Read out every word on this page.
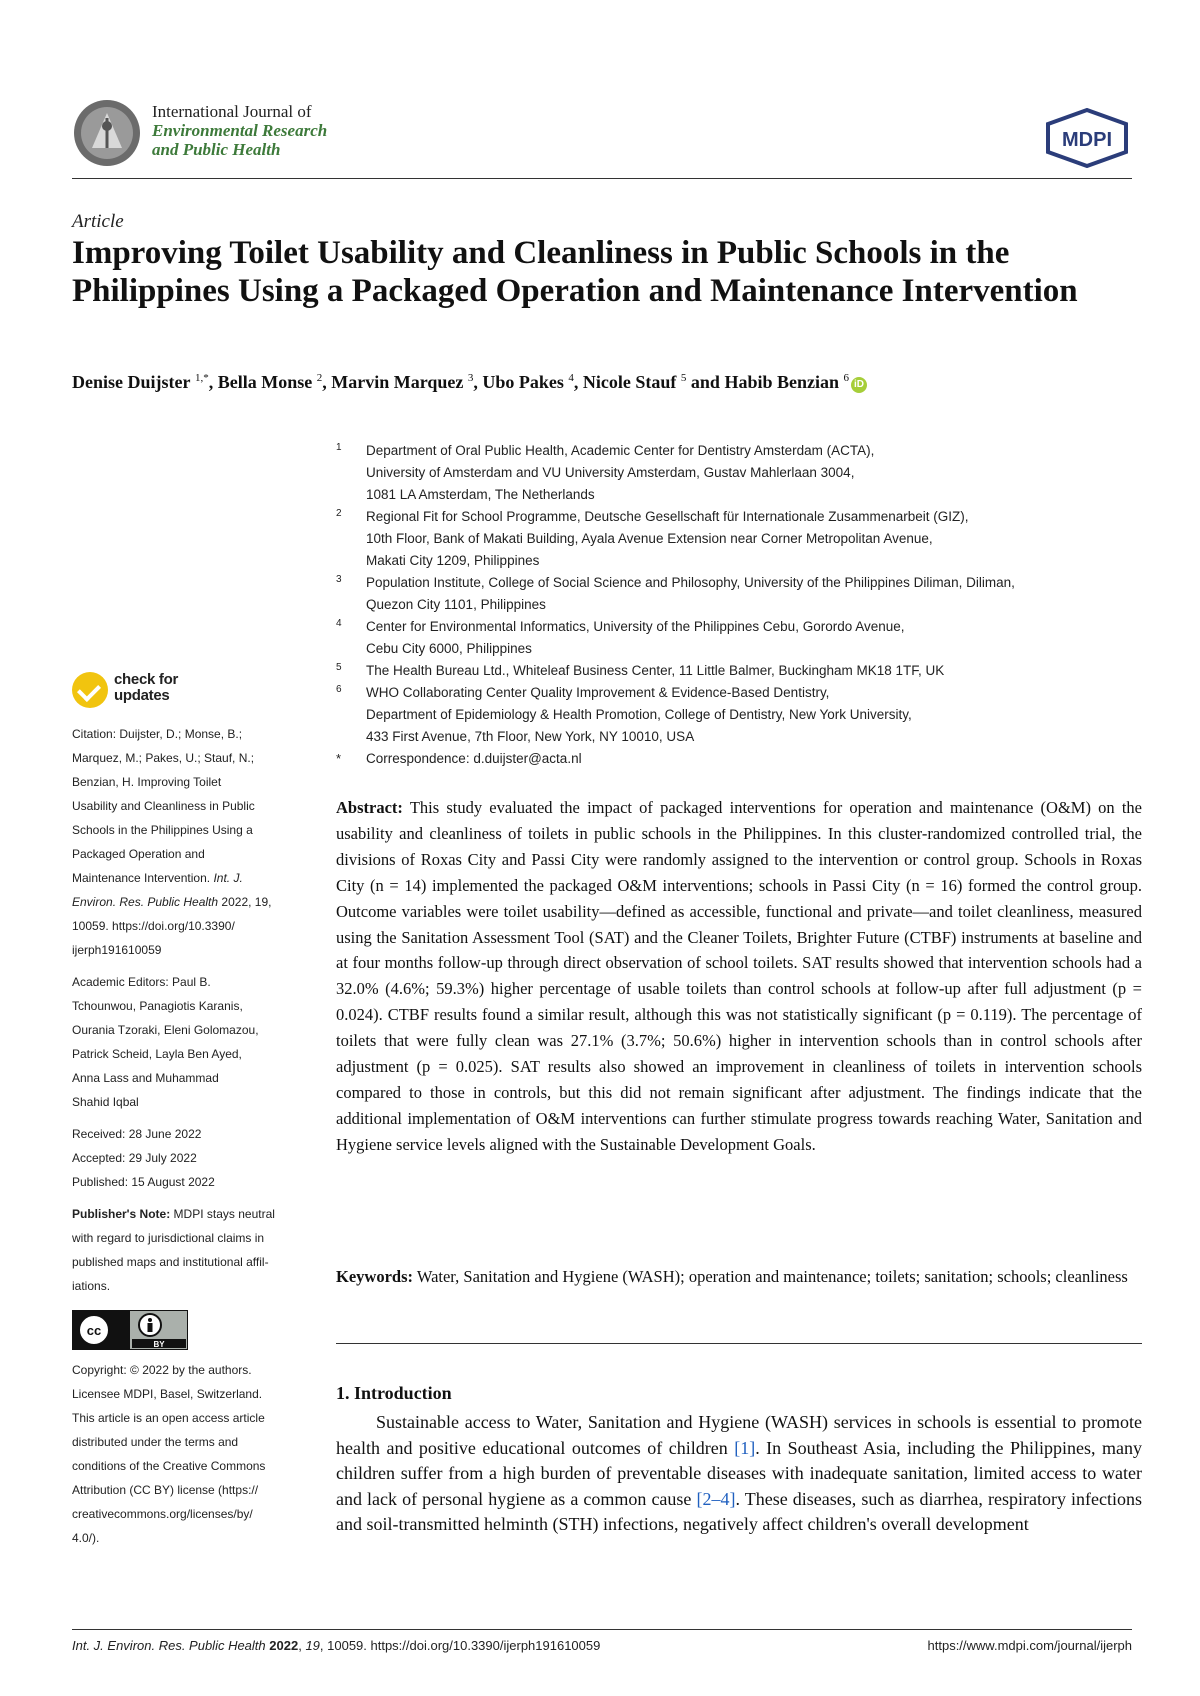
International Journal of
Environmental Research
and Public Health	MDPI
Article
Improving Toilet Usability and Cleanliness in Public Schools in the Philippines Using a Packaged Operation and Maintenance Intervention
Denise Duijster $^{1,*}$, Bella Monse $^2$, Marvin Marquez $^3$, Ubo Pakes $^4$, Nicole Stauf $^5$ and Habib Benzian $^6$iD
1 Department of Oral Public Health, Academic Center for Dentistry Amsterdam (ACTA),
University of Amsterdam and VU University Amsterdam, Gustav Mahlerlaan 3004,
1081 LA Amsterdam, The Netherlands
2 Regional Fit for School Programme, Deutsche Gesellschaft für Internationale Zusammenarbeit (GIZ),
10th Floor, Bank of Makati Building, Ayala Avenue Extension near Corner Metropolitan Avenue,
Makati City 1209, Philippines
3 Population Institute, College of Social Science and Philosophy, University of the Philippines Diliman, Diliman,
Quezon City 1101, Philippines
4 Center for Environmental Informatics, University of the Philippines Cebu, Gorordo Avenue,
Cebu City 6000, Philippines
5 The Health Bureau Ltd., Whiteleaf Business Center, 11 Little Balmer, Buckingham MK18 1TF, UK
6 WHO Collaborating Center Quality Improvement & Evidence-Based Dentistry,
Department of Epidemiology & Health Promotion, College of Dentistry, New York University,
433 First Avenue, 7th Floor, New York, NY 10010, USA
* Correspondence: d.duijster@acta.nl
check for
updates

Citation: Duijster, D.; Monse, B.;

Marquez, M.; Pakes, U.; Stauf, N.;

Benzian, H. Improving Toilet

Usability and Cleanliness in Public

Schools in the Philippines Using a

Packaged Operation and

Maintenance Intervention. Int. J.

Environ. Res. Public Health 2022, 19,

10059. https://doi.org/10.3390/

ijerph191610059

Academic Editors: Paul B.

Tchounwou, Panagiotis Karanis,

Ourania Tzoraki, Eleni Golomazou,

Patrick Scheid, Layla Ben Ayed,

Anna Lass and Muhammad

Shahid Iqbal

Received: 28 June 2022

Accepted: 29 July 2022

Published: 15 August 2022

Publisher's Note: MDPI stays neutral

with regard to jurisdictional claims in

published maps and institutional affil-

iations.

cc
BY

Copyright: © 2022 by the authors.

Licensee MDPI, Basel, Switzerland.

This article is an open access article

distributed under the terms and

conditions of the Creative Commons

Attribution (CC BY) license (https://

creativecommons.org/licenses/by/

4.0/).

Abstract: This study evaluated the impact of packaged interventions for operation and maintenance (O&M) on the usability and cleanliness of toilets in public schools in the Philippines. In this cluster-randomized controlled trial, the divisions of Roxas City and Passi City were randomly assigned to the intervention or control group. Schools in Roxas City (n = 14) implemented the packaged O&M interventions; schools in Passi City (n = 16) formed the control group. Outcome variables were toilet usability—defined as accessible, functional and private—and toilet cleanliness, measured using the Sanitation Assessment Tool (SAT) and the Cleaner Toilets, Brighter Future (CTBF) instruments at baseline and at four months follow-up through direct observation of school toilets. SAT results showed that intervention schools had a 32.0% (4.6%; 59.3%) higher percentage of usable toilets than control schools at follow-up after full adjustment (p = 0.024). CTBF results found a similar result, although this was not statistically significant (p = 0.119). The percentage of toilets that were fully clean was 27.1% (3.7%; 50.6%) higher in intervention schools than in control schools after adjustment (p = 0.025). SAT results also showed an improvement in cleanliness of toilets in intervention schools compared to those in controls, but this did not remain significant after adjustment. The findings indicate that the additional implementation of O&M interventions can further stimulate progress towards reaching Water, Sanitation and Hygiene service levels aligned with the Sustainable Development Goals.
Keywords: Water, Sanitation and Hygiene (WASH); operation and maintenance; toilets; sanitation; schools; cleanliness
1. Introduction
Sustainable access to Water, Sanitation and Hygiene (WASH) services in schools is essential to promote health and positive educational outcomes of children [1]. In Southeast Asia, including the Philippines, many children suffer from a high burden of preventable diseases with inadequate sanitation, limited access to water and lack of personal hygiene as a common cause [2–4]. These diseases, such as diarrhea, respiratory infections and soil-transmitted helminth (STH) infections, negatively affect children's overall development
Int. J. Environ. Res. Public Health 2022, 19, 10059. https://doi.org/10.3390/ijerph191610059	https://www.mdpi.com/journal/ijerph
